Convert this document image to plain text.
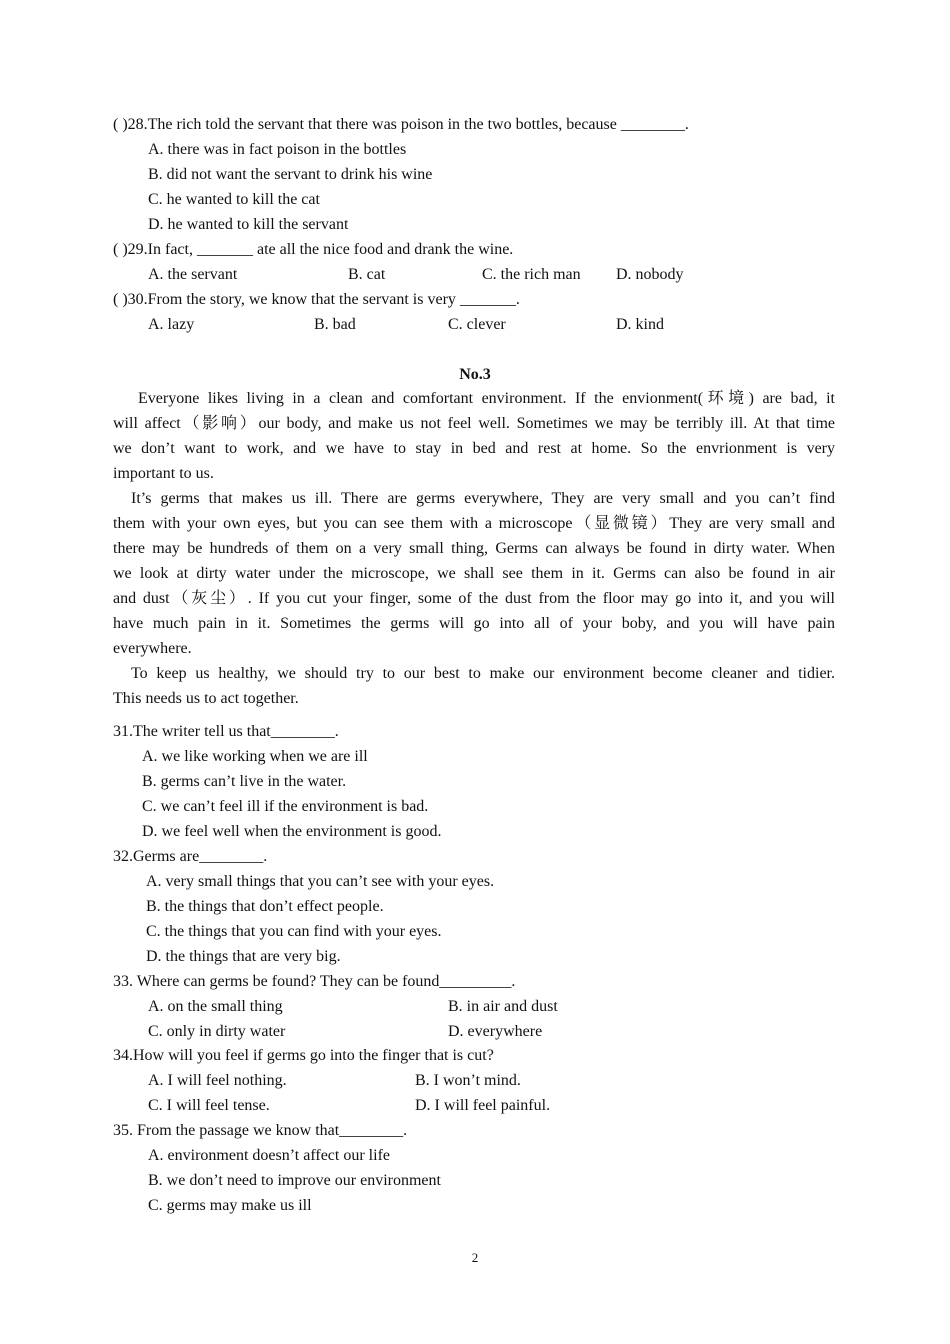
( )28.The rich told the servant that there was poison in the two bottles, because ________.
A. there was in fact poison in the bottles
B. did not want the servant to drink his wine
C. he wanted to kill the cat
D. he wanted to kill the servant
( )29.In fact, _______ ate all the nice food and drank the wine.
A. the servant	B. cat	C. the rich man D. nobody
( )30.From the story, we know that the servant is very _______.
A. lazy	B. bad	C. clever	D. kind
No.3
Everyone likes living in a clean and comfortant environment. If the envionment(环境) are bad, it
will affect（影响）our body, and make us not feel well. Sometimes we may be terribly ill. At that time
we don’t want to work, and we have to stay in bed and rest at home. So the envrionment is very
important to us.
It’s germs that makes us ill. There are germs everywhere, They are very small and you can’t find
them with your own eyes, but you can see them with a microscope（显微镜）They are very small and
there may be hundreds of them on a very small thing, Germs can always be found in dirty water. When
we look at dirty water under the microscope, we shall see them in it. Germs can also be found in air
and dust（灰尘）. If you cut your finger, some of the dust from the floor may go into it, and you will
have much pain in it. Sometimes the germs will go into all of your boby, and you will have pain
everywhere.
To keep us healthy, we should try to our best to make our environment become cleaner and tidier.
This needs us to act together.
31.The writer tell us that________.
A. we like working when we are ill
B. germs can’t live in the water.
C. we can’t feel ill if the environment is bad.
D. we feel well when the environment is good.
32.Germs are________.
A. very small things that you can’t see with your eyes.
B. the things that don’t effect people.
C. the things that you can find with your eyes.
D. the things that are very big.
33. Where can germs be found? They can be found_________.
A. on the small thing	B. in air and dust
C. only in dirty water	D. everywhere
34.How will you feel if germs go into the finger that is cut?
A. I will feel nothing.	B. I won’t mind.
C. I will feel tense.	D. I will feel painful.
35. From the passage we know that________.
A. environment doesn’t affect our life
B. we don’t need to improve our environment
C. germs may make us ill
2
